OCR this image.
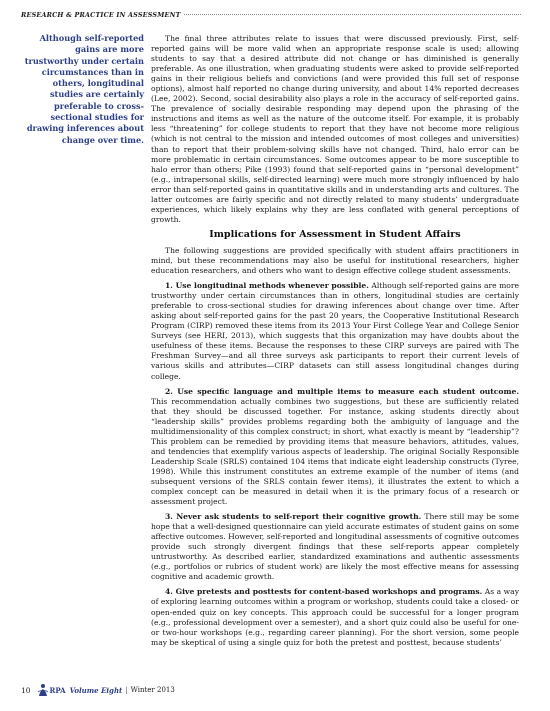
RESEARCH & PRACTICE IN ASSESSMENT
Although self-reported gains are more trustworthy under certain circumstances than in others, longitudinal studies are certainly preferable to cross-sectional studies for drawing inferences about change over time.

The final three attributes relate to issues that were discussed previously. First, self-reported gains will be more valid when an appropriate response scale is used; allowing students to say that a desired attribute did not change or has diminished is generally preferable. As one illustration, when graduating students were asked to provide self-reported gains in their religious beliefs and convictions (and were provided this full set of response options), almost half reported no change during university, and about 14% reported decreases (Lee, 2002). Second, social desirability also plays a role in the accuracy of self-reported gains. The prevalence of socially desirable responding may depend upon the phrasing of the instructions and items as well as the nature of the outcome itself. For example, it is probably less “threatening” for college students to report that they have not become more religious (which is not central to the mission and intended outcomes of most colleges and universities) than to report that their problem-solving skills have not changed. Third, halo error can be more problematic in certain circumstances. Some outcomes appear to be more susceptible to halo error than others; Pike (1993) found that self-reported gains in “personal development” (e.g., intrapersonal skills, self-directed learning) were much more strongly influenced by halo error than self-reported gains in quantitative skills and in understanding arts and cultures. The latter outcomes are fairly specific and not directly related to many students’ undergraduate experiences, which likely explains why they are less conflated with general perceptions of growth.

Implications for Assessment in Student Affairs

The following suggestions are provided specifically with student affairs practitioners in mind, but these recommendations may also be useful for institutional researchers, higher education researchers, and others who want to design effective college student assessments.

1. Use longitudinal methods whenever possible. Although self-reported gains are more trustworthy under certain circumstances than in others, longitudinal studies are certainly preferable to cross-sectional studies for drawing inferences about change over time. After asking about self-reported gains for the past 20 years, the Cooperative Institutional Research Program (CIRP) removed these items from its 2013 Your First College Year and College Senior Surveys (see HERI, 2013), which suggests that this organization may have doubts about the usefulness of these items. Because the responses to these CIRP surveys are paired with The Freshman Survey—and all three surveys ask participants to report their current levels of various skills and attributes—CIRP datasets can still assess longitudinal changes during college.

2. Use specific language and multiple items to measure each student outcome. This recommendation actually combines two suggestions, but these are sufficiently related that they should be discussed together. For instance, asking students directly about “leadership skills” provides problems regarding both the ambiguity of language and the multidimensionality of this complex construct; in short, what exactly is meant by “leadership”? This problem can be remedied by providing items that measure behaviors, attitudes, values, and tendencies that exemplify various aspects of leadership. The original Socially Responsible Leadership Scale (SRLS) contained 104 items that indicate eight leadership constructs (Tyree, 1998). While this instrument constitutes an extreme example of the number of items (and subsequent versions of the SRLS contain fewer items), it illustrates the extent to which a complex concept can be measured in detail when it is the primary focus of a research or assessment project.

3. Never ask students to self-report their cognitive growth. There still may be some hope that a well-designed questionnaire can yield accurate estimates of student gains on some affective outcomes. However, self-reported and longitudinal assessments of cognitive outcomes provide such strongly divergent findings that these self-reports appear completely untrustworthy. As described earlier, standardized examinations and authentic assessments (e.g., portfolios or rubrics of student work) are likely the most effective means for assessing cognitive and academic growth.

4. Give pretests and posttests for content-based workshops and programs. As a way of exploring learning outcomes within a program or workshop, students could take a closed- or open-ended quiz on key concepts. This approach could be successful for a longer program (e.g., professional development over a semester), and a short quiz could also be useful for one- or two-hour workshops (e.g., regarding career planning). For the short version, some people may be skeptical of using a single quiz for both the pretest and posttest, because students’

10	RPA Volume Eight | Winter 2013
